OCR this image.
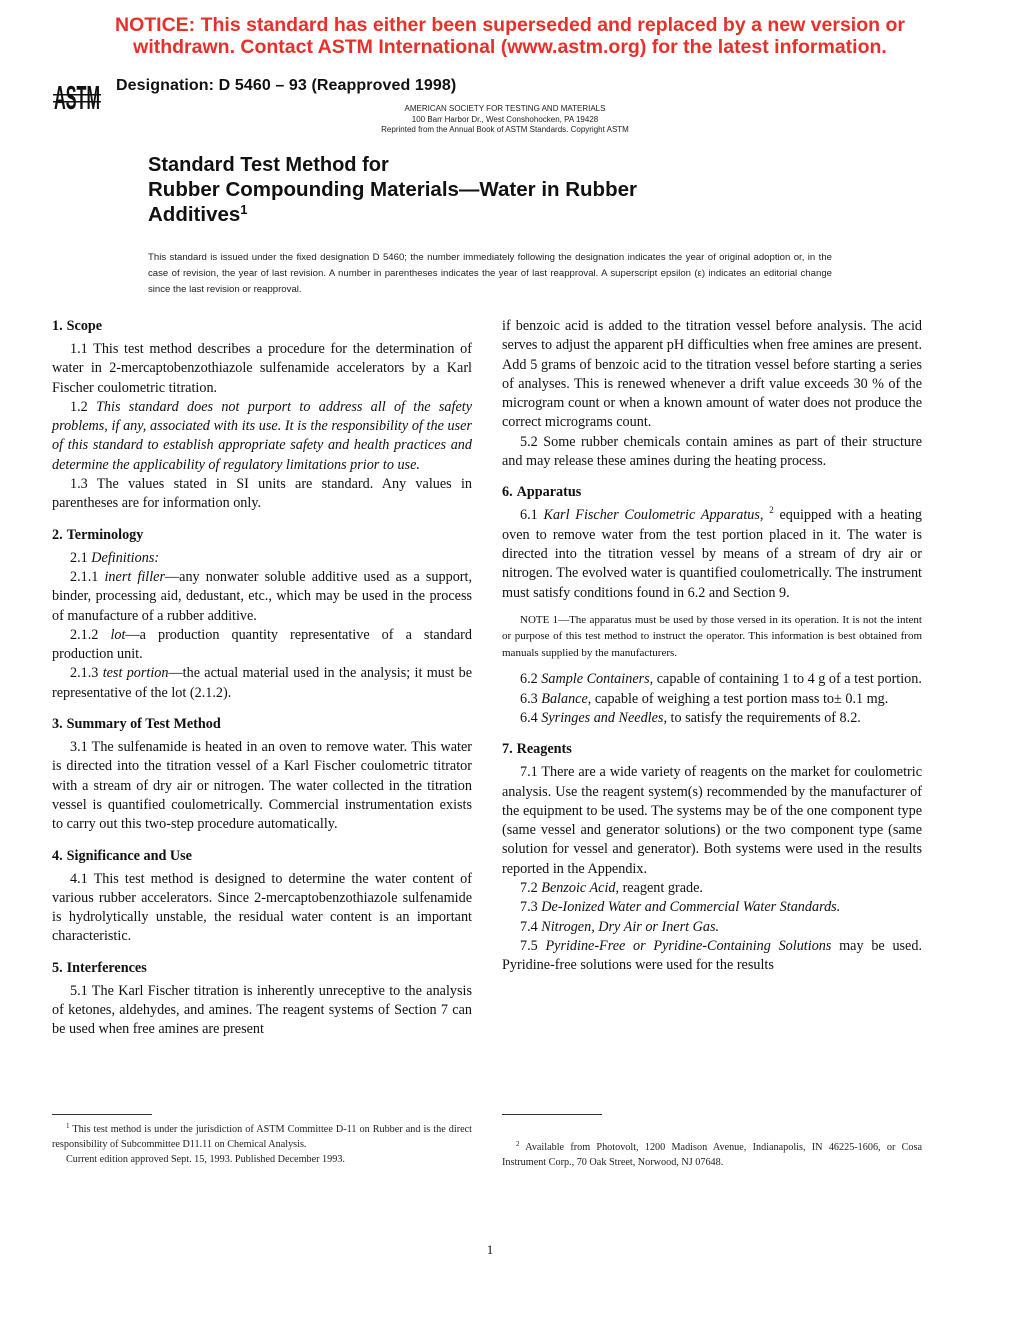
NOTICE: This standard has either been superseded and replaced by a new version or
withdrawn. Contact ASTM International (www.astm.org) for the latest information.
ASTM Designation: D 5460 – 93 (Reapproved 1998)
AMERICAN SOCIETY FOR TESTING AND MATERIALS
100 Barr Harbor Dr., West Conshohocken, PA 19428
Reprinted from the Annual Book of ASTM Standards. Copyright ASTM
Standard Test Method for
Rubber Compounding Materials—Water in Rubber
Additives$^1$
This standard is issued under the fixed designation D 5460; the number immediately following the designation indicates the year of original adoption or, in the case of revision, the year of last revision. A number in parentheses indicates the year of last reapproval. A superscript epsilon (ε) indicates an editorial change since the last revision or reapproval.
1. Scope

1.1 This test method describes a procedure for the determination of water in 2-mercaptobenzothiazole sulfenamide accelerators by a Karl Fischer coulometric titration.

1.2 This standard does not purport to address all of the safety problems, if any, associated with its use. It is the responsibility of the user of this standard to establish appropriate safety and health practices and determine the applicability of regulatory limitations prior to use.

1.3 The values stated in SI units are standard. Any values in parentheses are for information only.

2. Terminology

2.1 Definitions:

2.1.1 inert filler—any nonwater soluble additive used as a support, binder, processing aid, dedustant, etc., which may be used in the process of manufacture of a rubber additive.

2.1.2 lot—a production quantity representative of a standard production unit.

2.1.3 test portion—the actual material used in the analysis; it must be representative of the lot (2.1.2).

3. Summary of Test Method

3.1 The sulfenamide is heated in an oven to remove water. This water is directed into the titration vessel of a Karl Fischer coulometric titrator with a stream of dry air or nitrogen. The water collected in the titration vessel is quantified coulometrically. Commercial instrumentation exists to carry out this two-step procedure automatically.

4. Significance and Use

4.1 This test method is designed to determine the water content of various rubber accelerators. Since 2-mercaptobenzothiazole sulfenamide is hydrolytically unstable, the residual water content is an important characteristic.

5. Interferences

5.1 The Karl Fischer titration is inherently unreceptive to the analysis of ketones, aldehydes, and amines. The reagent systems of Section 7 can be used when free amines are present

if benzoic acid is added to the titration vessel before analysis. The acid serves to adjust the apparent pH difficulties when free amines are present. Add 5 grams of benzoic acid to the titration vessel before starting a series of analyses. This is renewed whenever a drift value exceeds 30 % of the microgram count or when a known amount of water does not produce the correct micrograms count.

5.2 Some rubber chemicals contain amines as part of their structure and may release these amines during the heating process.

6. Apparatus

6.1 Karl Fischer Coulometric Apparatus, $^2$ equipped with a heating oven to remove water from the test portion placed in it. The water is directed into the titration vessel by means of a stream of dry air or nitrogen. The evolved water is quantified coulometrically. The instrument must satisfy conditions found in 6.2 and Section 9.

NOTE 1—The apparatus must be used by those versed in its operation. It is not the intent or purpose of this test method to instruct the operator. This information is best obtained from manuals supplied by the manufacturers.

6.2 Sample Containers, capable of containing 1 to 4 g of a test portion.

6.3 Balance, capable of weighing a test portion mass to± 0.1 mg.

6.4 Syringes and Needles, to satisfy the requirements of 8.2.

7. Reagents

7.1 There are a wide variety of reagents on the market for coulometric analysis. Use the reagent system(s) recommended by the manufacturer of the equipment to be used. The systems may be of the one component type (same vessel and generator solutions) or the two component type (same solution for vessel and generator). Both systems were used in the results reported in the Appendix.

7.2 Benzoic Acid, reagent grade.

7.3 De-Ionized Water and Commercial Water Standards.

7.4 Nitrogen, Dry Air or Inert Gas.

7.5 Pyridine-Free or Pyridine-Containing Solutions may be used. Pyridine-free solutions were used for the results

$^1$ This test method is under the jurisdiction of ASTM Committee D-11 on Rubber and is the direct responsibility of Subcommittee D11.11 on Chemical Analysis.

Current edition approved Sept. 15, 1993. Published December 1993.

$^2$ Available from Photovolt, 1200 Madison Avenue, Indianapolis, IN 46225-1606, or Cosa Instrument Corp., 70 Oak Street, Norwood, NJ 07648.

1
